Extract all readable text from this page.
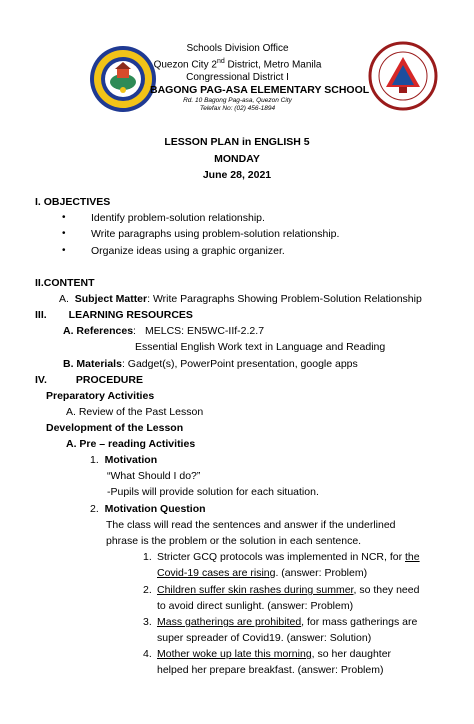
Schools Division Office
Quezon City 2nd District, Metro Manila
Congressional District I
BAGONG PAG-ASA ELEMENTARY SCHOOL
Rd. 10 Bagong Pag-asa, Quezon City
Telefax No: (02) 456-1894
LESSON PLAN in ENGLISH 5
MONDAY
June 28, 2021
I. OBJECTIVES
• Identify problem-solution relationship.
• Write paragraphs using problem-solution relationship.
• Organize ideas using a graphic organizer.
II.CONTENT
A. Subject Matter: Write Paragraphs Showing Problem-Solution Relationship
III. LEARNING RESOURCES
A. References: MELCS: EN5WC-IIf-2.2.7
Essential English Work text in Language and Reading
B. Materials: Gadget(s), PowerPoint presentation, google apps
IV.	PROCEDURE
Preparatory Activities
A. Review of the Past Lesson
Development of the Lesson
A. Pre – reading Activities
1. Motivation
“What Should I do?”
-Pupils will provide solution for each situation.
2. Motivation Question
The class will read the sentences and answer if the underlined
phrase is the problem or the solution in each sentence.
1. Stricter GCQ protocols was implemented in NCR, for the
Covid-19 cases are rising. (answer: Problem)
2. Children suffer skin rashes during summer, so they need
to avoid direct sunlight. (answer: Problem)
3. Mass gatherings are prohibited, for mass gatherings are
super spreader of Covid19. (answer: Solution)
4. Mother woke up late this morning, so her daughter
helped her prepare breakfast. (answer: Problem)
